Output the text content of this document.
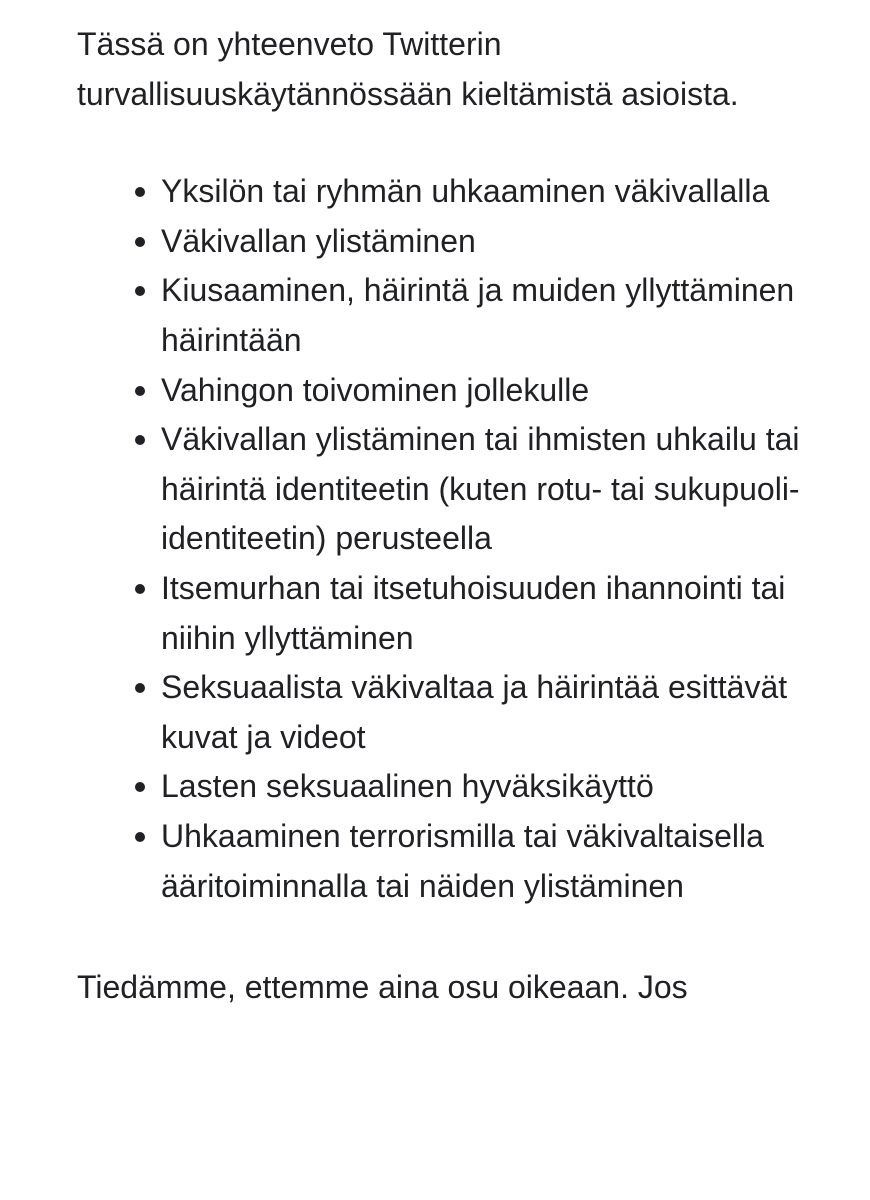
Tässä on yhteenveto Twitterin turvallisuuskäytännössään kieltämistä asioista.

Yksilön tai ryhmän uhkaaminen väkivallalla
Väkivallan ylistäminen
Kiusaaminen, häirintä ja muiden yllyttäminen häirintään
Vahingon toivominen jollekulle
Väkivallan ylistäminen tai ihmisten uhkailu tai häirintä identiteetin (kuten rotu- tai sukupuoli-identiteetin) perusteella
Itsemurhan tai itsetuhoisuuden ihannointi tai niihin yllyttäminen
Seksuaalista väkivaltaa ja häirintää esittävät kuvat ja videot
Lasten seksuaalinen hyväksikäyttö
Uhkaaminen terrorismilla tai väkivaltaisella ääritoiminnalla tai näiden ylistäminen

Tiedämme, ettemme aina osu oikeaan. Jos
